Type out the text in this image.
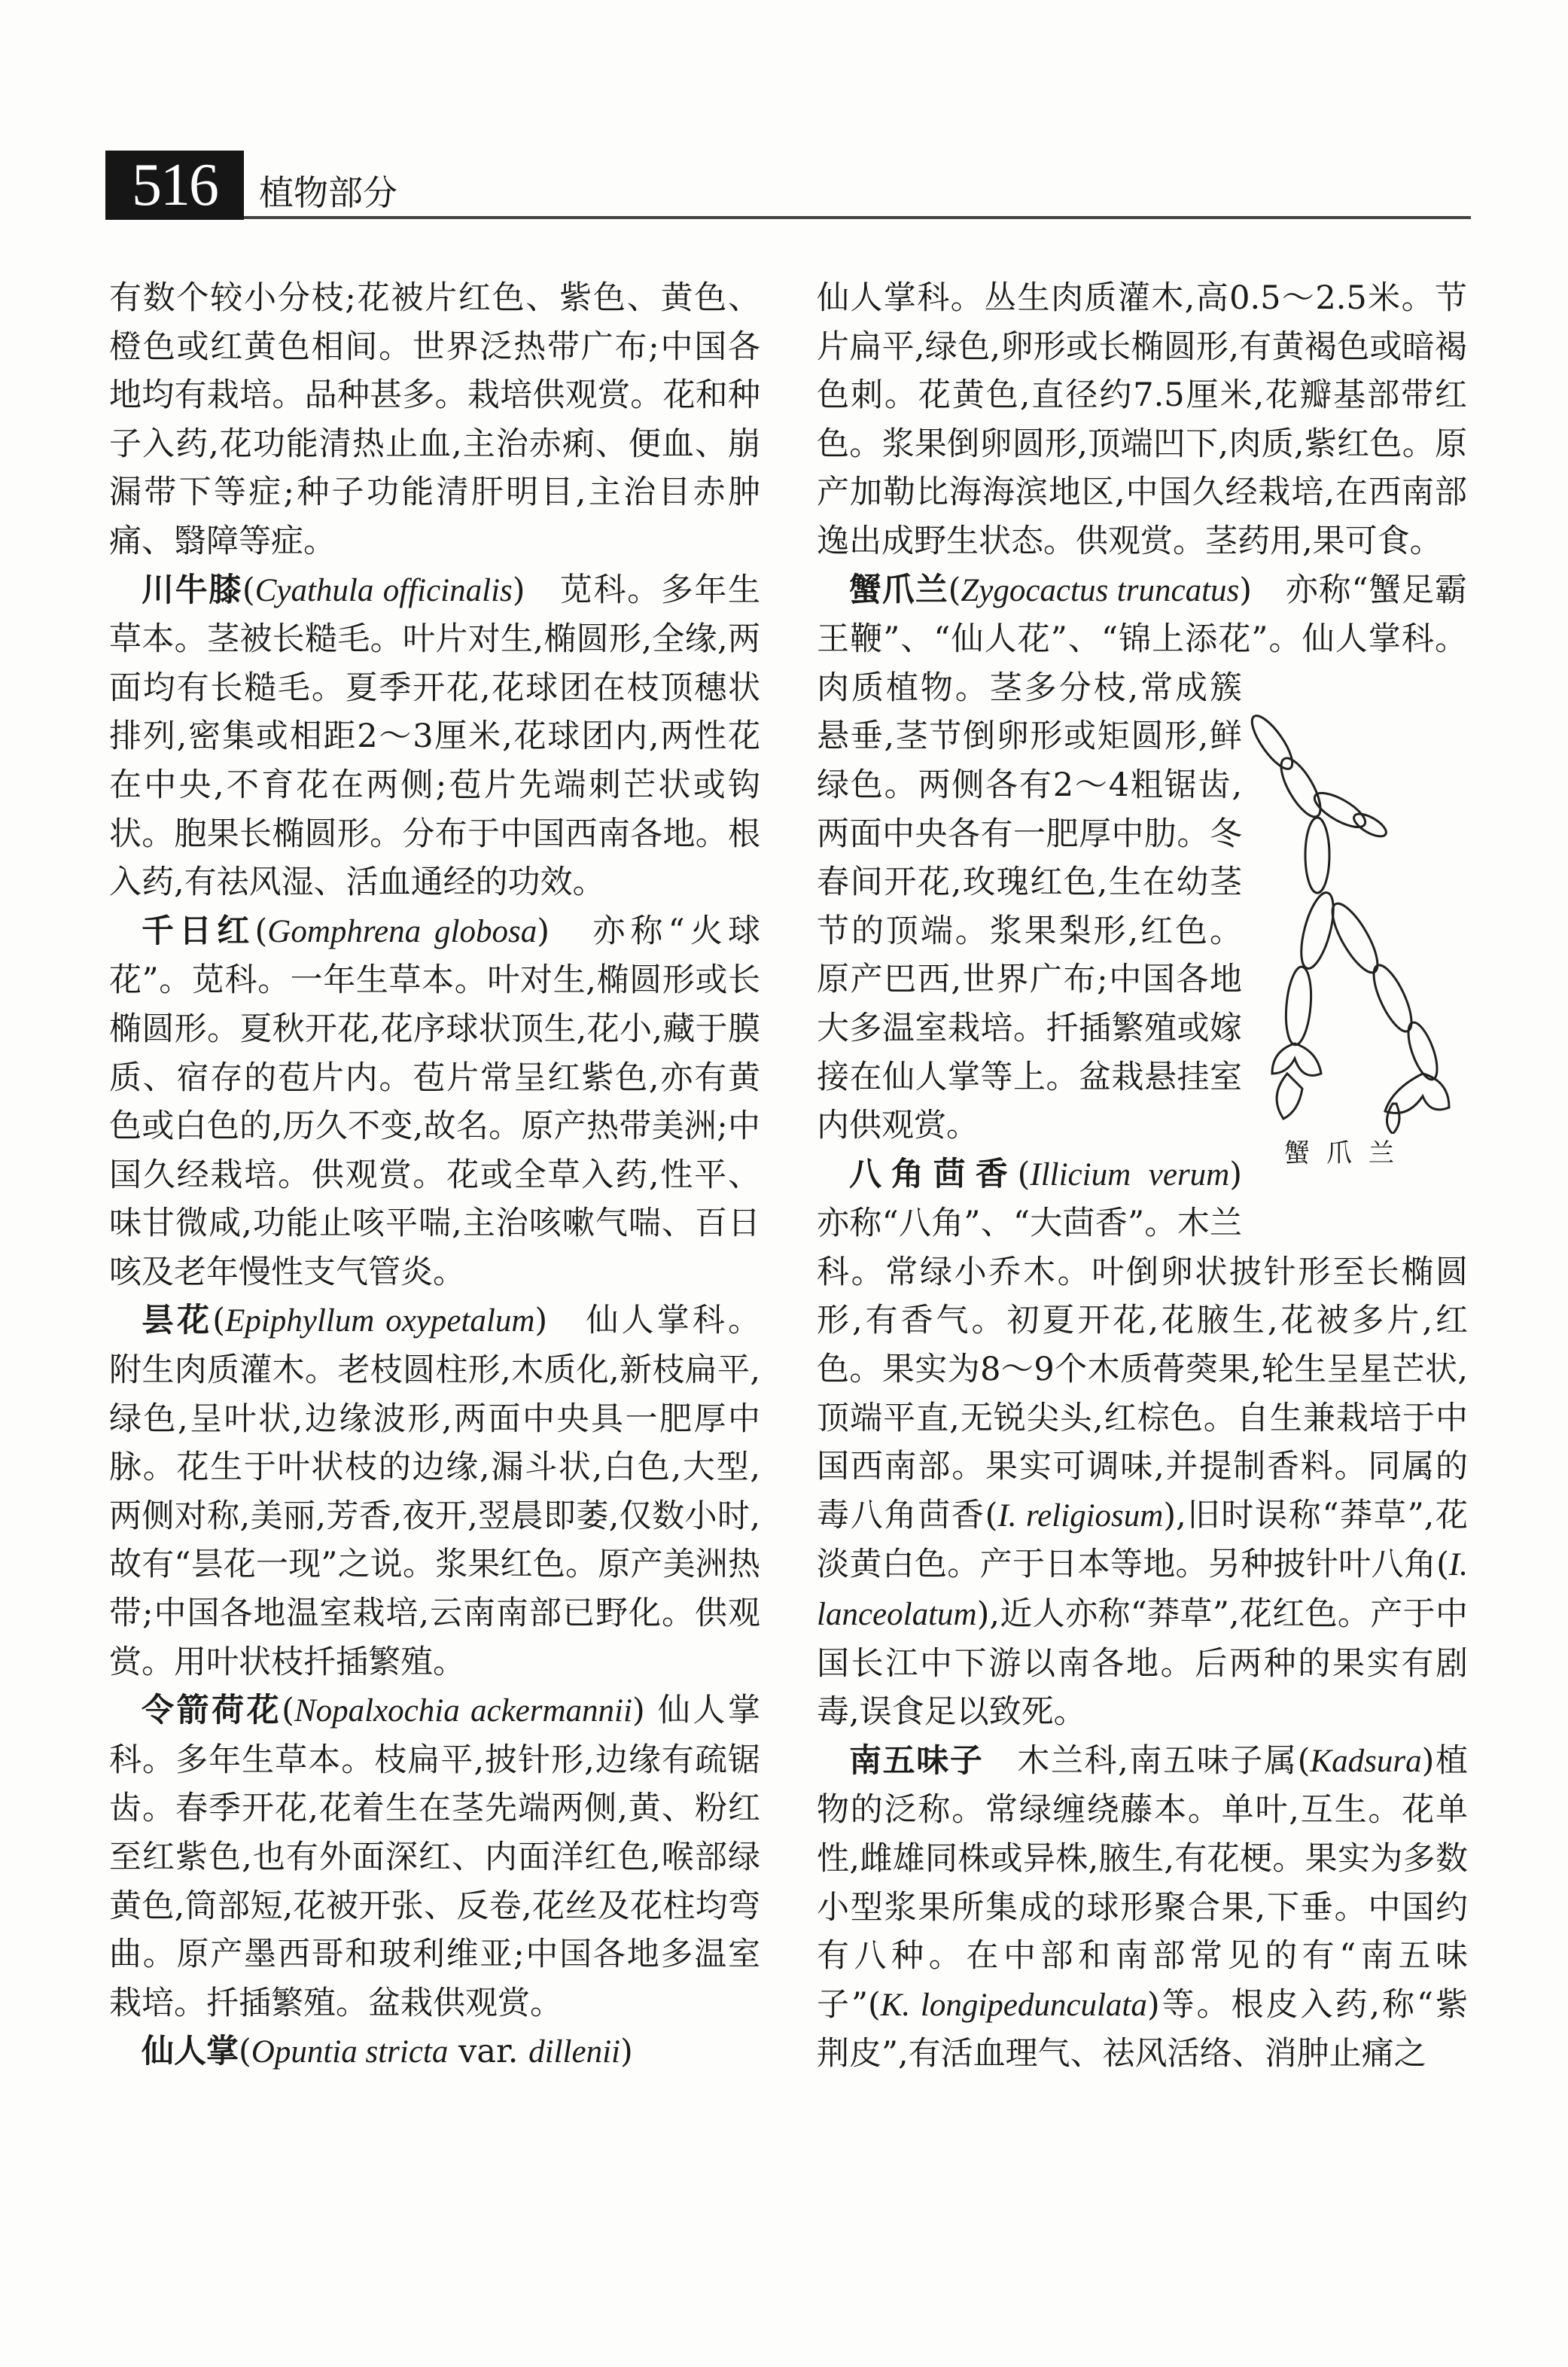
516	植物部分

有数个较小分枝;花被片红色、紫色、黄色、橙色或红黄色相间。世界泛热带广布;中国各地均有栽培。品种甚多。栽培供观赏。花和种子入药,花功能清热止血,主治赤痢、便血、崩漏带下等症;种子功能清肝明目,主治目赤肿痛、翳障等症。

川牛膝(Cyathula officinalis)　苋科。多年生草本。茎被长糙毛。叶片对生,椭圆形,全缘,两面均有长糙毛。夏季开花,花球团在枝顶穗状排列,密集或相距2～3厘米,花球团内,两性花在中央,不育花在两侧;苞片先端刺芒状或钩状。胞果长椭圆形。分布于中国西南各地。根入药,有祛风湿、活血通经的功效。

千日红(Gomphrena globosa)　亦称“火球花”。苋科。一年生草本。叶对生,椭圆形或长椭圆形。夏秋开花,花序球状顶生,花小,藏于膜质、宿存的苞片内。苞片常呈红紫色,亦有黄色或白色的,历久不变,故名。原产热带美洲;中国久经栽培。供观赏。花或全草入药,性平、味甘微咸,功能止咳平喘,主治咳嗽气喘、百日咳及老年慢性支气管炎。

昙花(Epiphyllum oxypetalum)　仙人掌科。附生肉质灌木。老枝圆柱形,木质化,新枝扁平,绿色,呈叶状,边缘波形,两面中央具一肥厚中脉。花生于叶状枝的边缘,漏斗状,白色,大型,两侧对称,美丽,芳香,夜开,翌晨即萎,仅数小时,故有“昙花一现”之说。浆果红色。原产美洲热带;中国各地温室栽培,云南南部已野化。供观赏。用叶状枝扦插繁殖。

令箭荷花(Nopalxochia ackermannii) 仙人掌科。多年生草本。枝扁平,披针形,边缘有疏锯齿。春季开花,花着生在茎先端两侧,黄、粉红至红紫色,也有外面深红、内面洋红色,喉部绿黄色,筒部短,花被开张、反卷,花丝及花柱均弯曲。原产墨西哥和玻利维亚;中国各地多温室栽培。扦插繁殖。盆栽供观赏。

仙人掌(Opuntia stricta var. dillenii)

蟹爪兰

仙人掌科。丛生肉质灌木,高0.5～2.5米。节片扁平,绿色,卵形或长椭圆形,有黄褐色或暗褐色刺。花黄色,直径约7.5厘米,花瓣基部带红色。浆果倒卵圆形,顶端凹下,肉质,紫红色。原产加勒比海海滨地区,中国久经栽培,在西南部逸出成野生状态。供观赏。茎药用,果可食。

蟹爪兰(Zygocactus truncatus)　亦称“蟹足霸王鞭”、“仙人花”、“锦上添花”。仙人掌科。肉质植物。茎多分枝,常成簇悬垂,茎节倒卵形或矩圆形,鲜绿色。两侧各有2～4粗锯齿,两面中央各有一肥厚中肋。冬春间开花,玫瑰红色,生在幼茎节的顶端。浆果梨形,红色。原产巴西,世界广布;中国各地大多温室栽培。扦插繁殖或嫁接在仙人掌等上。盆栽悬挂室内供观赏。

八角茴香(Illicium verum)　亦称“八角”、“大茴香”。木兰科。常绿小乔木。叶倒卵状披针形至长椭圆形,有香气。初夏开花,花腋生,花被多片,红色。果实为8～9个木质蓇葖果,轮生呈星芒状,顶端平直,无锐尖头,红棕色。自生兼栽培于中国西南部。果实可调味,并提制香料。同属的毒八角茴香(I. religiosum),旧时误称“莽草”,花淡黄白色。产于日本等地。另种披针叶八角(I. lanceolatum),近人亦称“莽草”,花红色。产于中国长江中下游以南各地。后两种的果实有剧毒,误食足以致死。

南五味子　木兰科,南五味子属(Kadsura)植物的泛称。常绿缠绕藤本。单叶,互生。花单性,雌雄同株或异株,腋生,有花梗。果实为多数小型浆果所集成的球形聚合果,下垂。中国约有八种。在中部和南部常见的有“南五味子”(K. longipedunculata)等。根皮入药,称“紫荆皮”,有活血理气、祛风活络、消肿止痛之
